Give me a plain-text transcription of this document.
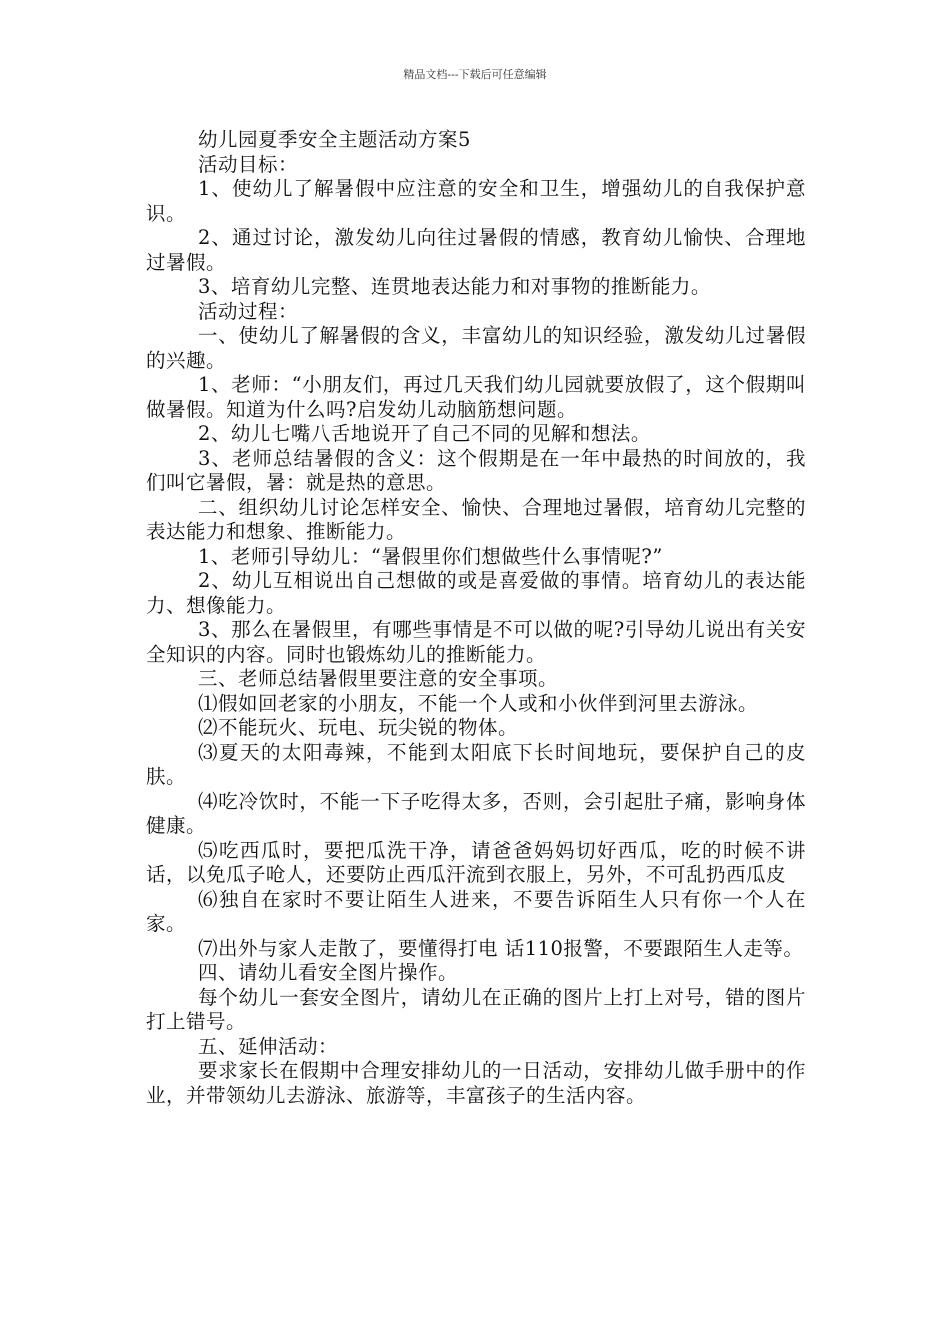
精品文档---下载后可任意编辑

幼儿园夏季安全主题活动方案5

活动目标：

1、使幼儿了解暑假中应注意的安全和卫生，增强幼儿的自我保护意识。

2、通过讨论，激发幼儿向往过暑假的情感，教育幼儿愉快、合理地过暑假。

3、培育幼儿完整、连贯地表达能力和对事物的推断能力。

活动过程：

一、使幼儿了解暑假的含义，丰富幼儿的知识经验，激发幼儿过暑假的兴趣。

1、老师：“小朋友们，再过几天我们幼儿园就要放假了，这个假期叫做暑假。知道为什么吗?启发幼儿动脑筋想问题。

2、幼儿七嘴八舌地说开了自己不同的见解和想法。

3、老师总结暑假的含义：这个假期是在一年中最热的时间放的，我们叫它暑假，暑：就是热的意思。

二、组织幼儿讨论怎样安全、愉快、合理地过暑假，培育幼儿完整的表达能力和想象、推断能力。

1、老师引导幼儿：“暑假里你们想做些什么事情呢?”

2、幼儿互相说出自己想做的或是喜爱做的事情。培育幼儿的表达能力、想像能力。

3、那么在暑假里，有哪些事情是不可以做的呢?引导幼儿说出有关安全知识的内容。同时也锻炼幼儿的推断能力。

三、老师总结暑假里要注意的安全事项。

⑴假如回老家的小朋友，不能一个人或和小伙伴到河里去游泳。

⑵不能玩火、玩电、玩尖锐的物体。

⑶夏天的太阳毒辣，不能到太阳底下长时间地玩，要保护自己的皮肤。

⑷吃冷饮时，不能一下子吃得太多，否则，会引起肚子痛，影响身体健康。

⑸吃西瓜时，要把瓜洗干净，请爸爸妈妈切好西瓜，吃的时候不讲话，以免瓜子呛人，还要防止西瓜汗流到衣服上，另外，不可乱扔西瓜皮

⑹独自在家时不要让陌生人进来，不要告诉陌生人只有你一个人在家。

⑺出外与家人走散了，要懂得打电 话110报警，不要跟陌生人走等。

四、请幼儿看安全图片操作。

每个幼儿一套安全图片，请幼儿在正确的图片上打上对号，错的图片打上错号。

五、延伸活动：

要求家长在假期中合理安排幼儿的一日活动，安排幼儿做手册中的作业，并带领幼儿去游泳、旅游等，丰富孩子的生活内容。
